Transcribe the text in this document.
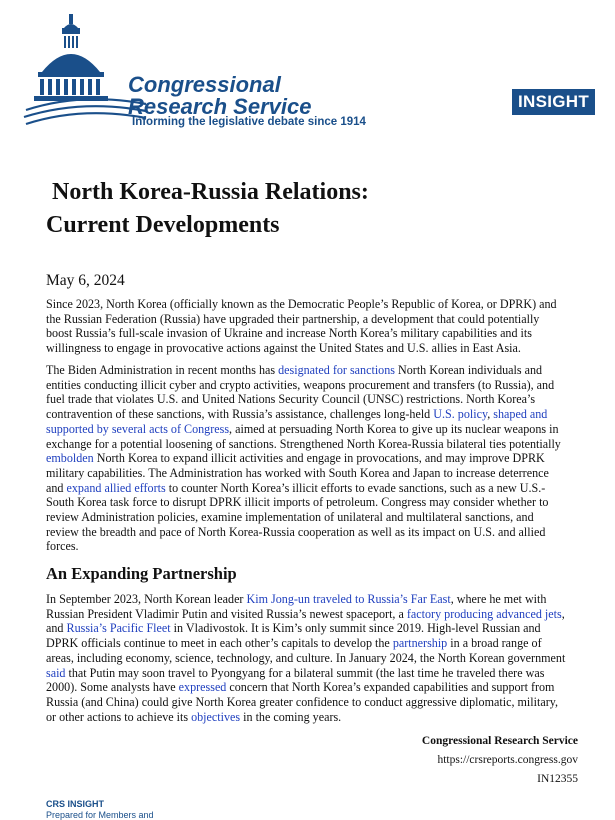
Congressional
Research Service
Informing the legislative debate since 1914
INSIGHT
North Korea-Russia Relations:
Current Developments
May 6, 2024

Since 2023, North Korea (officially known as the Democratic People’s Republic of Korea, or DPRK) and the Russian Federation (Russia) have upgraded their partnership, a development that could potentially boost Russia’s full-scale invasion of Ukraine and increase North Korea’s military capabilities and its willingness to engage in provocative actions against the United States and U.S. allies in East Asia.

The Biden Administration in recent months has designated for sanctions North Korean individuals and entities conducting illicit cyber and crypto activities, weapons procurement and transfers (to Russia), and fuel trade that violates U.S. and United Nations Security Council (UNSC) restrictions. North Korea’s contravention of these sanctions, with Russia’s assistance, challenges long-held U.S. policy, shaped and supported by several acts of Congress, aimed at persuading North Korea to give up its nuclear weapons in exchange for a potential loosening of sanctions. Strengthened North Korea-Russia bilateral ties potentially embolden North Korea to expand illicit activities and engage in provocations, and may improve DPRK military capabilities. The Administration has worked with South Korea and Japan to increase deterrence and expand allied efforts to counter North Korea’s illicit efforts to evade sanctions, such as a new U.S.-South Korea task force to disrupt DPRK illicit imports of petroleum. Congress may consider whether to review Administration policies, examine implementation of unilateral and multilateral sanctions, and review the breadth and pace of North Korea-Russia cooperation as well as its impact on U.S. and allied forces.

An Expanding Partnership

In September 2023, North Korean leader Kim Jong-un traveled to Russia’s Far East, where he met with Russian President Vladimir Putin and visited Russia’s newest spaceport, a factory producing advanced jets, and Russia’s Pacific Fleet in Vladivostok. It is Kim’s only summit since 2019. High-level Russian and DPRK officials continue to meet in each other’s capitals to develop the partnership in a broad range of areas, including economy, science, technology, and culture. In January 2024, the North Korean government said that Putin may soon travel to Pyongyang for a bilateral summit (the last time he traveled there was 2000). Some analysts have expressed concern that North Korea’s expanded capabilities and support from Russia (and China) could give North Korea greater confidence to conduct aggressive diplomatic, military, or other actions to achieve its objectives in the coming years.

Congressional Research Service
https://crsreports.congress.gov
IN12355
CRS INSIGHT
Prepared for Members and
